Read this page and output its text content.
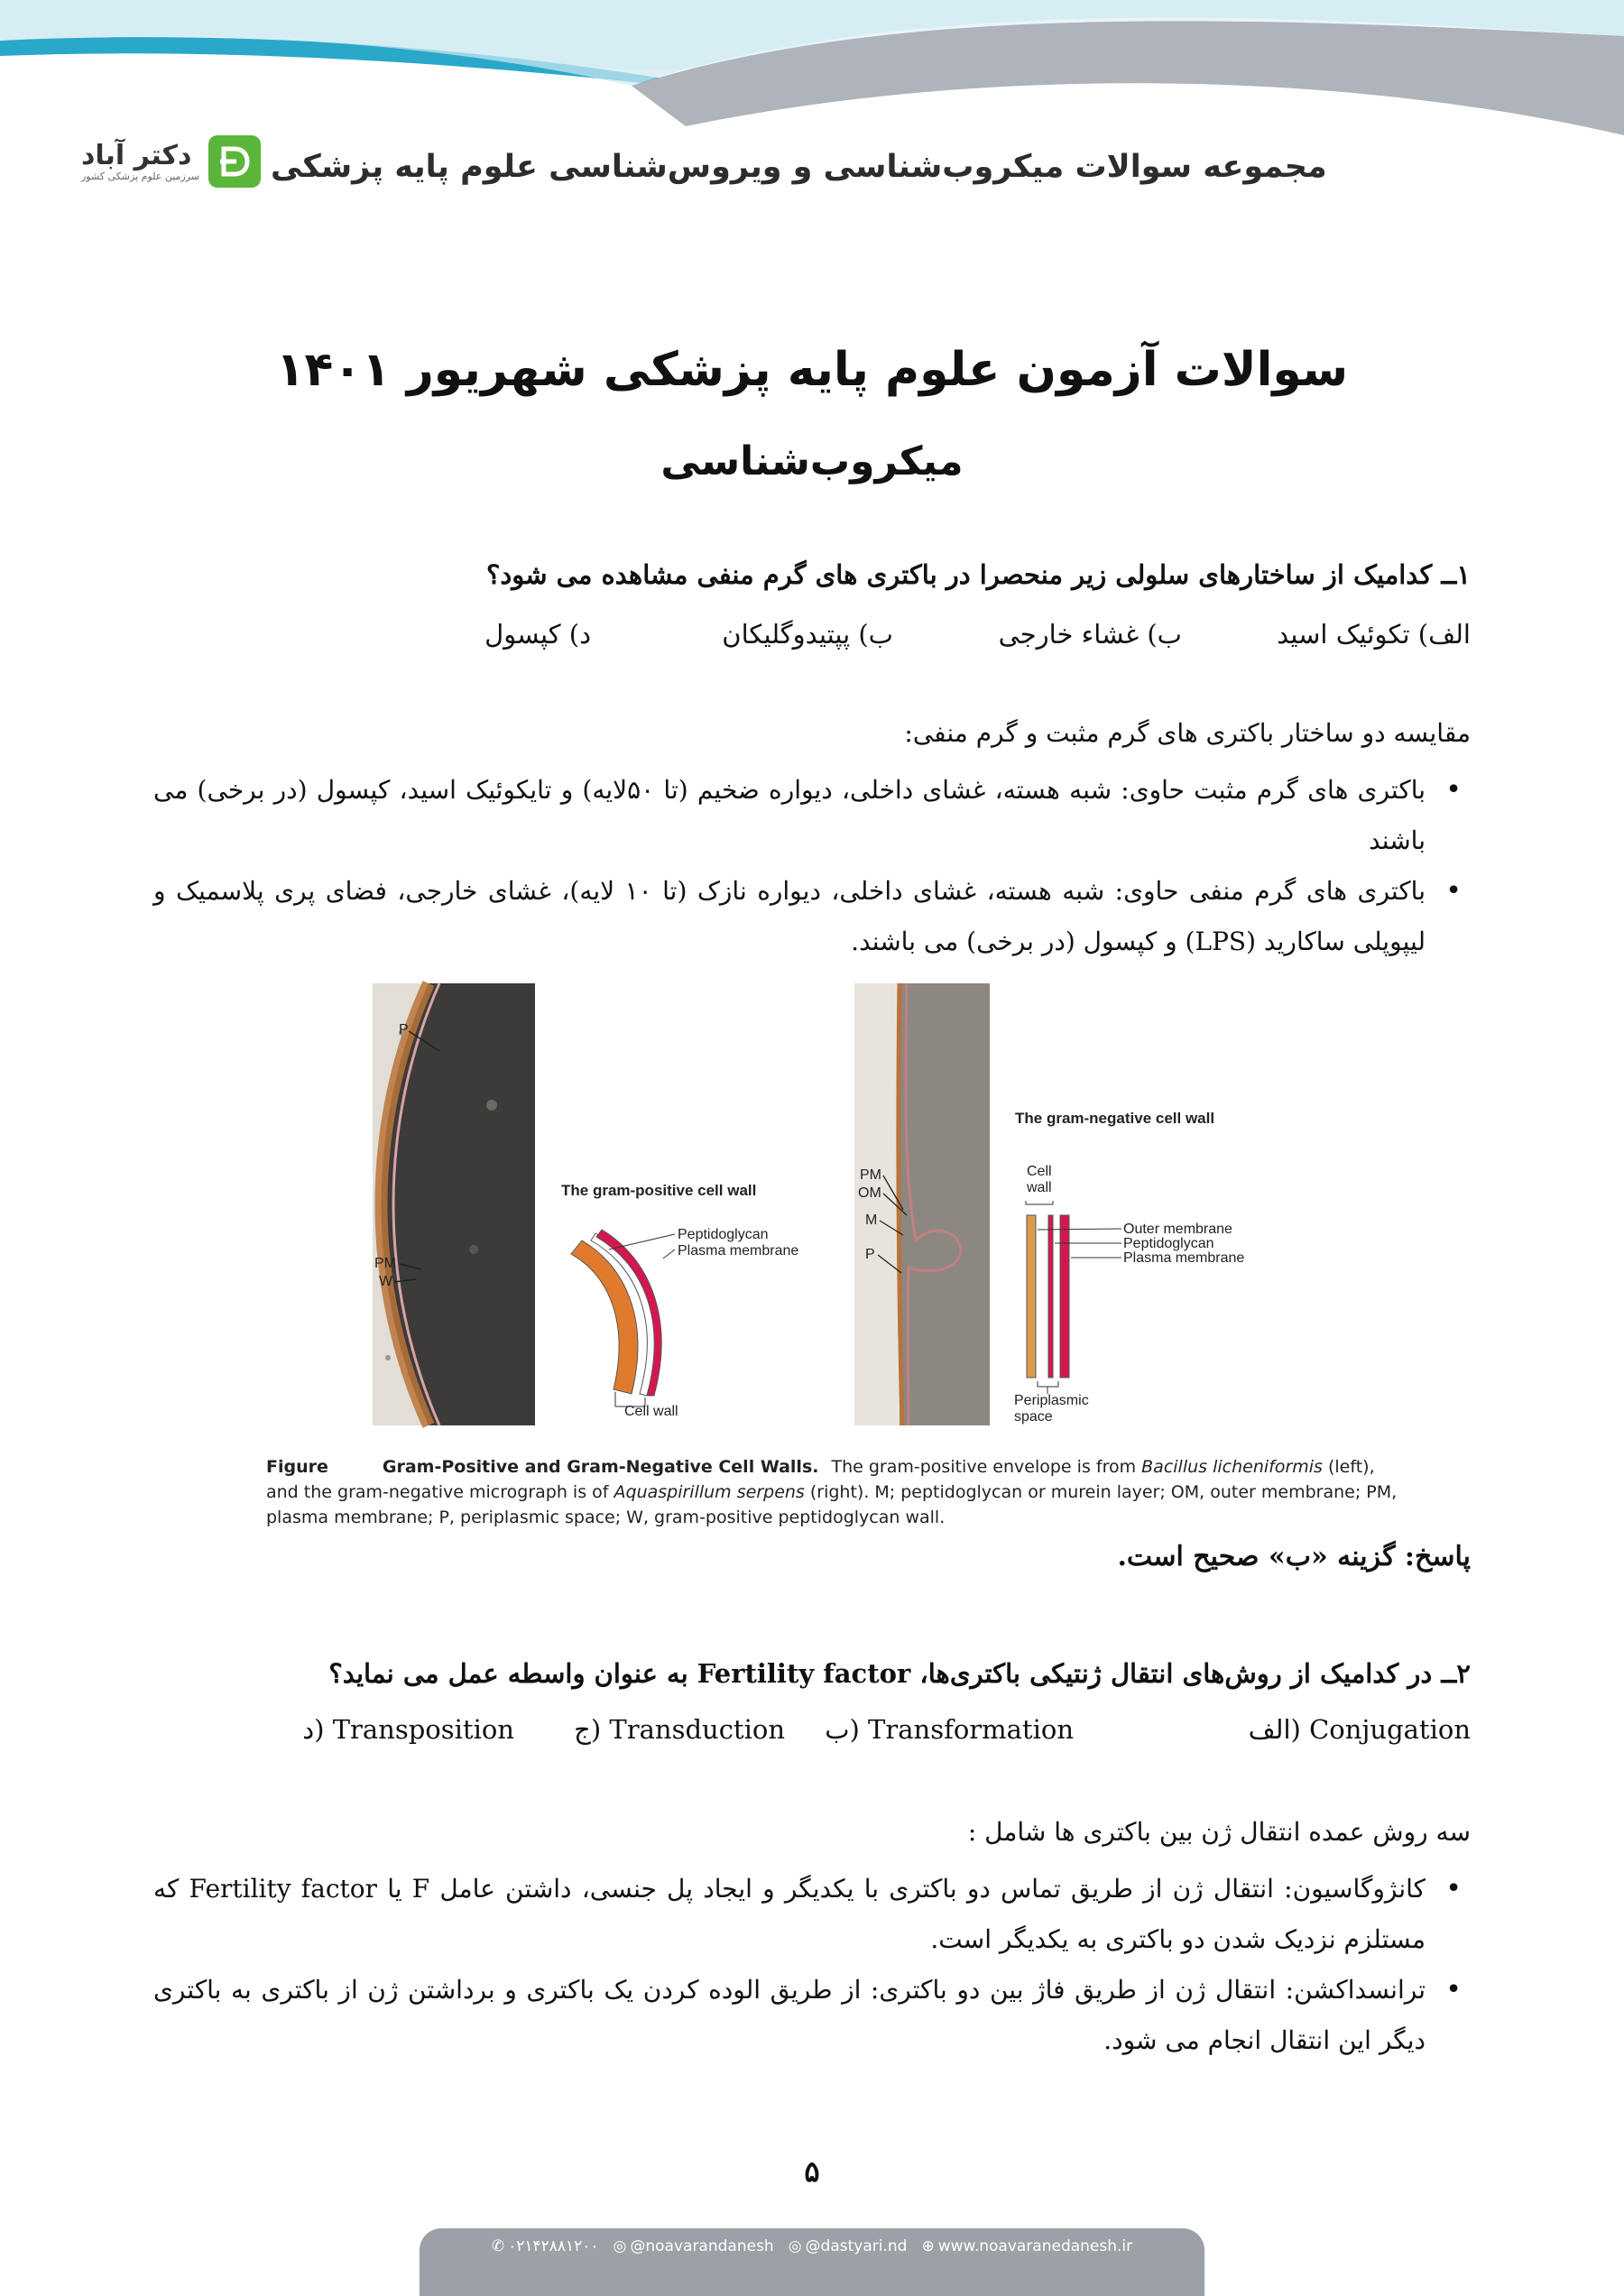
دکتر آباد
سرزمین علوم پزشکی کشور مجموعه سوالات میکروب‌شناسی و ویروس‌شناسی علوم پایه پزشکی
سوالات آزمون علوم پایه پزشکی شهریور ۱۴۰۱
میکروب‌شناسی
۱ــ کدامیک از ساختارهای سلولی زیر منحصرا در باکتری های گرم منفی مشاهده می شود؟
الف) تکوئیک اسید
ب) غشاء خارجی
ب) پپتیدوگلیکان
د) کپسول
مقایسه دو ساختار باکتری های گرم مثبت و گرم منفی:
• باکتری های گرم مثبت حاوی: شبه هسته، غشای داخلی، دیواره ضخیم (تا ۵۰لایه) و تایکوئیک اسید، کپسول (در برخی) می باشند
• باکتری های گرم منفی حاوی: شبه هسته، غشای داخلی، دیواره نازک (تا ۱۰ لایه)، غشای خارجی، فضای پری پلاسمیک و لیپوپلی ساکارید (LPS) و کپسول (در برخی) می باشند.
P
PM
W
The gram-positive cell wall
Peptidoglycan
Plasma membrane
Cell wall
PM
OM
M
P
The gram-negative cell wall
Cell
wall
Outer membrane
Peptidoglycan
Plasma membrane
Periplasmic
space
Figure	Gram-Positive and Gram-Negative Cell Walls. The gram-positive envelope is from Bacillus licheniformis (left), and the gram-negative micrograph is of Aquaspirillum serpens (right). M; peptidoglycan or murein layer; OM, outer membrane; PM, plasma membrane; P, periplasmic space; W, gram-positive peptidoglycan wall.
پاسخ: گزینه «ب» صحیح است.
۲ــ در کدامیک از روش‌های انتقال ژنتیکی باکتری‌ها، Fertility factor به عنوان واسطه عمل می نماید؟
الف) Conjugation
ب) Transformation
ج) Transduction
د) Transposition
سه روش عمده انتقال ژن بین باکتری ها شامل :
• کانژوگاسیون: انتقال ژن از طریق تماس دو باکتری با یکدیگر و ایجاد پل جنسی، داشتن عامل F یا Fertility factor که مستلزم نزدیک شدن دو باکتری به یکدیگر است.
• ترانسداکشن: انتقال ژن از طریق فاژ بین دو باکتری: از طریق الوده کردن یک باکتری و برداشتن ژن از باکتری به باکتری دیگر این انتقال انجام می شود.
۵
✆ ۰۲۱۴۲۸۸۱۲۰۰ ◎ @noavarandanesh ◎ @dastyari.nd ⊕ www.noavaranedanesh.ir
